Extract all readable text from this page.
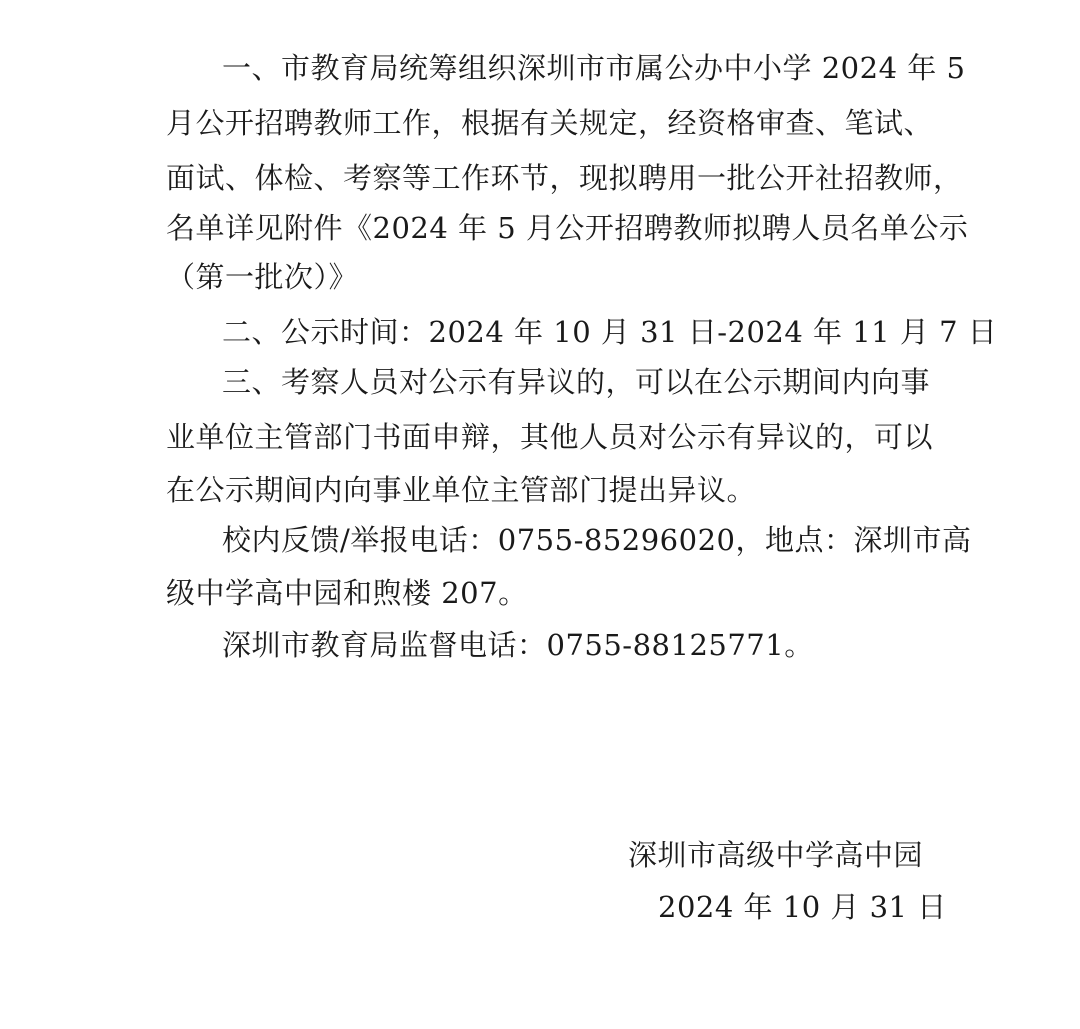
一、市教育局统筹组织深圳市市属公办中小学 2024 年 5
月公开招聘教师工作，根据有关规定，经资格审查、笔试、
面试、体检、考察等工作环节，现拟聘用一批公开社招教师，
名单详见附件《2024 年 5 月公开招聘教师拟聘人员名单公示
（第一批次）》
二、公示时间：2024 年 10 月 31 日-2024 年 11 月 7 日
三、考察人员对公示有异议的，可以在公示期间内向事
业单位主管部门书面申辩，其他人员对公示有异议的，可以
在公示期间内向事业单位主管部门提出异议。
校内反馈/举报电话：0755-85296020，地点：深圳市高
级中学高中园和煦楼 207。
深圳市教育局监督电话：0755-88125771。
深圳市高级中学高中园
2024 年 10 月 31 日
